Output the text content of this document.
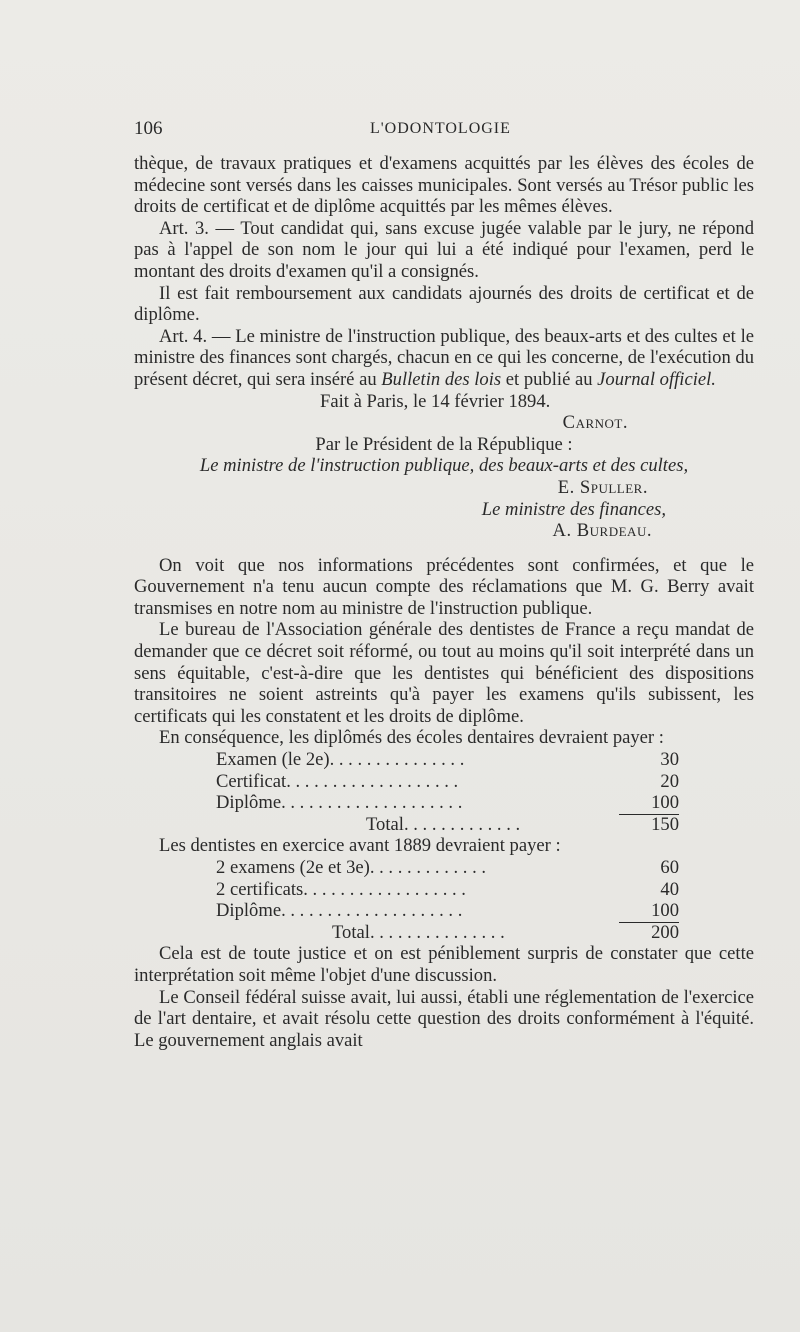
106	L'ODONTOLOGIE

thèque, de travaux pratiques et d'examens acquittés par les élèves des écoles de médecine sont versés dans les caisses municipales. Sont versés au Trésor public les droits de certificat et de diplôme acquittés par les mêmes élèves.

Art. 3. — Tout candidat qui, sans excuse jugée valable par le jury, ne répond pas à l'appel de son nom le jour qui lui a été indiqué pour l'examen, perd le montant des droits d'examen qu'il a consignés.

Il est fait remboursement aux candidats ajournés des droits de certificat et de diplôme.

Art. 4. — Le ministre de l'instruction publique, des beaux-arts et des cultes et le ministre des finances sont chargés, chacun en ce qui les concerne, de l'exécution du présent décret, qui sera inséré au Bulletin des lois et publié au Journal officiel.

Fait à Paris, le 14 février 1894.

Carnot.

Par le Président de la République :

Le ministre de l'instruction publique, des beaux-arts et des cultes,

E. Spuller.

Le ministre des finances,

A. Burdeau.

On voit que nos informations précédentes sont confirmées, et que le Gouvernement n'a tenu aucun compte des réclamations que M. G. Berry avait transmises en notre nom au ministre de l'instruction publique.

Le bureau de l'Association générale des dentistes de France a reçu mandat de demander que ce décret soit réformé, ou tout au moins qu'il soit interprété dans un sens équitable, c'est-à-dire que les dentistes qui bénéficient des dispositions transitoires ne soient astreints qu'à payer les examens qu'ils subissent, les certificats qui les constatent et les droits de diplôme.

En conséquence, les diplômés des écoles dentaires devraient payer :

Examen (le 2e). . . . . . . . . . . . . . .	30
Certificat. . . . . . . . . . . . . . . . . . .	20
Diplôme. . . . . . . . . . . . . . . . . . . .	100
Total. . . . . . . . . . . . .	150

Les dentistes en exercice avant 1889 devraient payer :

2 examens (2e et 3e). . . . . . . . . . . . .	60
2 certificats. . . . . . . . . . . . . . . . . .	40
Diplôme. . . . . . . . . . . . . . . . . . . .	100
Total. . . . . . . . . . . . . . .	200

Cela est de toute justice et on est péniblement surpris de constater que cette interprétation soit même l'objet d'une discussion.

Le Conseil fédéral suisse avait, lui aussi, établi une réglementation de l'exercice de l'art dentaire, et avait résolu cette question des droits conformément à l'équité. Le gouvernement anglais avait
